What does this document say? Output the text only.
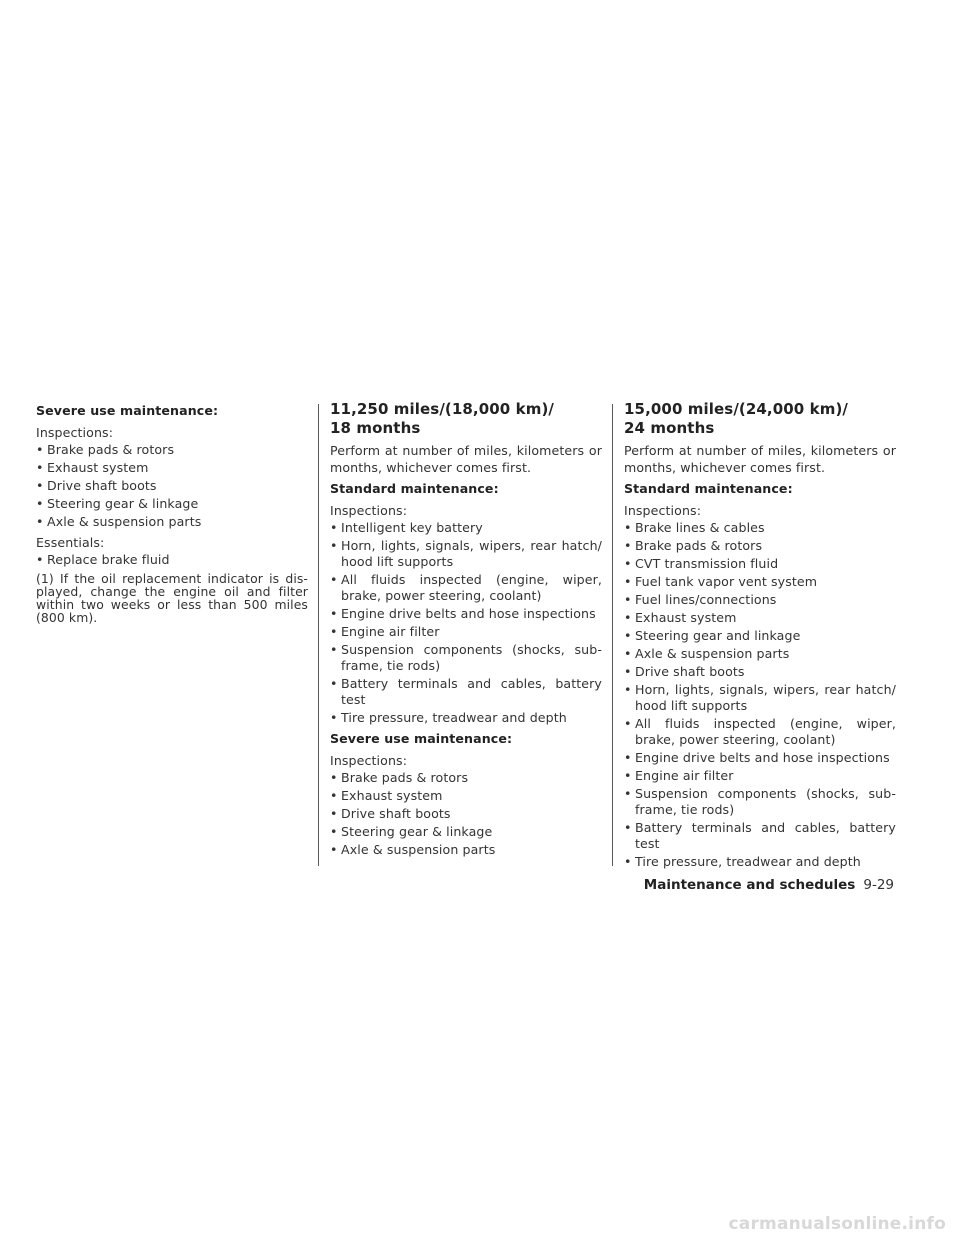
Severe use maintenance:

Inspections:

• Brake pads & rotors
• Exhaust system
• Drive shaft boots
• Steering gear & linkage
• Axle & suspension parts

Essentials:

• Replace brake fluid

(1) If the oil replacement indicator is dis-played, change the engine oil and filter within two weeks or less than 500 miles (800 km).

11,250 miles/(18,000 km)/
18 months

Perform at number of miles, kilometers or months, whichever comes first.

Standard maintenance:

Inspections:

• Intelligent key battery
• Horn, lights, signals, wipers, rear hatch/ hood lift supports
• All fluids inspected (engine, wiper, brake, power steering, coolant)
• Engine drive belts and hose inspections
• Engine air filter
• Suspension components (shocks, sub-frame, tie rods)
• Battery terminals and cables, battery test
• Tire pressure, treadwear and depth

Severe use maintenance:

Inspections:

• Brake pads & rotors
• Exhaust system
• Drive shaft boots
• Steering gear & linkage
• Axle & suspension parts
15,000 miles/(24,000 km)/
24 months

Perform at number of miles, kilometers or months, whichever comes first.

Standard maintenance:

Inspections:

• Brake lines & cables
• Brake pads & rotors
• CVT transmission fluid
• Fuel tank vapor vent system
• Fuel lines/connections
• Exhaust system
• Steering gear and linkage
• Axle & suspension parts
• Drive shaft boots
• Horn, lights, signals, wipers, rear hatch/ hood lift supports
• All fluids inspected (engine, wiper, brake, power steering, coolant)
• Engine drive belts and hose inspections
• Engine air filter
• Suspension components (shocks, sub-frame, tie rods)
• Battery terminals and cables, battery test
• Tire pressure, treadwear and depth
Maintenance and schedules 9-29
carmanualsonline.info
